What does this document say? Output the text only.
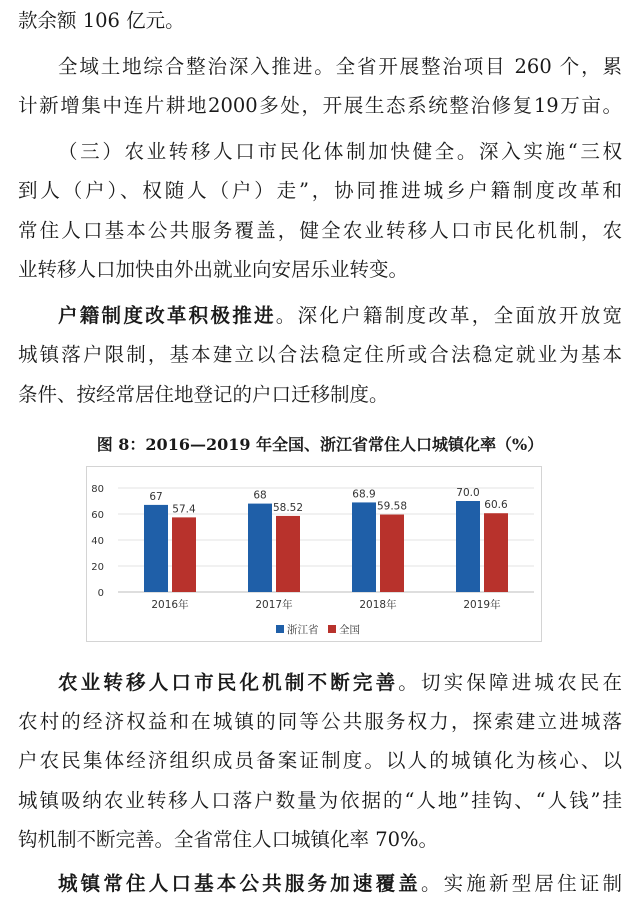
款余额 106 亿元。
全域土地综合整治深入推进。全省开展整治项目 260 个，累
计新增集中连片耕地2000多处，开展生态系统整治修复19万亩。
（三）农业转移人口市民化体制加快健全。深入实施“三权
到人（户）、权随人（户）走”，协同推进城乡户籍制度改革和
常住人口基本公共服务覆盖，健全农业转移人口市民化机制，农
业转移人口加快由外出就业向安居乐业转变。
户籍制度改革积极推进。深化户籍制度改革，全面放开放宽
城镇落户限制，基本建立以合法稳定住所或合法稳定就业为基本
条件、按经常居住地登记的户口迁移制度。
图 8：2016—2019 年全国、浙江省常住人口城镇化率（%）
0
20
40
60
80
67
57.4
68
58.52
68.9
59.58
70.0
60.6
2016年	2017年	2018年	2019年
浙江省 全国
农业转移人口市民化机制不断完善。切实保障进城农民在
农村的经济权益和在城镇的同等公共服务权力，探索建立进城落
户农民集体经济组织成员备案证制度。以人的城镇化为核心、以
城镇吸纳农业转移人口落户数量为依据的“人地”挂钩、“人钱”挂
钩机制不断完善。全省常住人口城镇化率 70%。
城镇常住人口基本公共服务加速覆盖。实施新型居住证制
